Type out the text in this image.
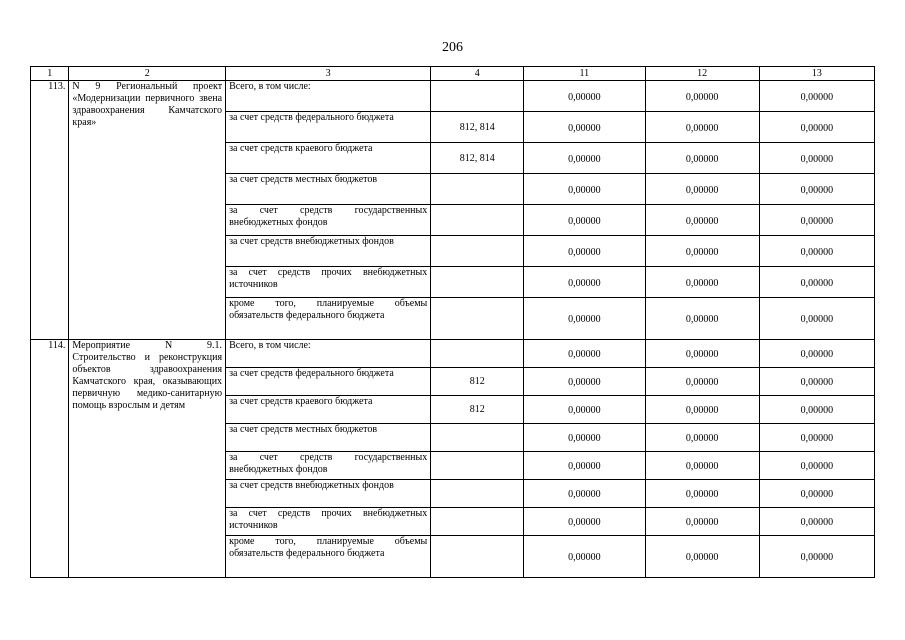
206
1	2	3	4	11	12	13
113.	N 9 Региональный проект «Модернизации первичного звена здравоохранения Камчатского края»	Всего, в том числе:		0,00000	0,00000	0,00000
		за счет средств федерального бюджета	812, 814	0,00000	0,00000	0,00000
		за счет средств краевого бюджета	812, 814	0,00000	0,00000	0,00000
		за счет средств местных бюджетов		0,00000	0,00000	0,00000
		за счет средств государственных внебюджетных фондов		0,00000	0,00000	0,00000
		за счет средств внебюджетных фондов		0,00000	0,00000	0,00000
		за счет средств прочих внебюджетных источников		0,00000	0,00000	0,00000
		кроме того, планируемые объемы обязательств федерального бюджета		0,00000	0,00000	0,00000
114.	Мероприятие N 9.1. Строительство и реконструкция объектов здравоохранения Камчатского края, оказывающих первичную медико-санитарную помощь взрослым и детям	Всего, в том числе:		0,00000	0,00000	0,00000
		за счет средств федерального бюджета	812	0,00000	0,00000	0,00000
		за счет средств краевого бюджета	812	0,00000	0,00000	0,00000
		за счет средств местных бюджетов		0,00000	0,00000	0,00000
		за счет средств государственных внебюджетных фондов		0,00000	0,00000	0,00000
		за счет средств внебюджетных фондов		0,00000	0,00000	0,00000
		за счет средств прочих внебюджетных источников		0,00000	0,00000	0,00000
		кроме того, планируемые объемы обязательств федерального бюджета		0,00000	0,00000	0,00000
